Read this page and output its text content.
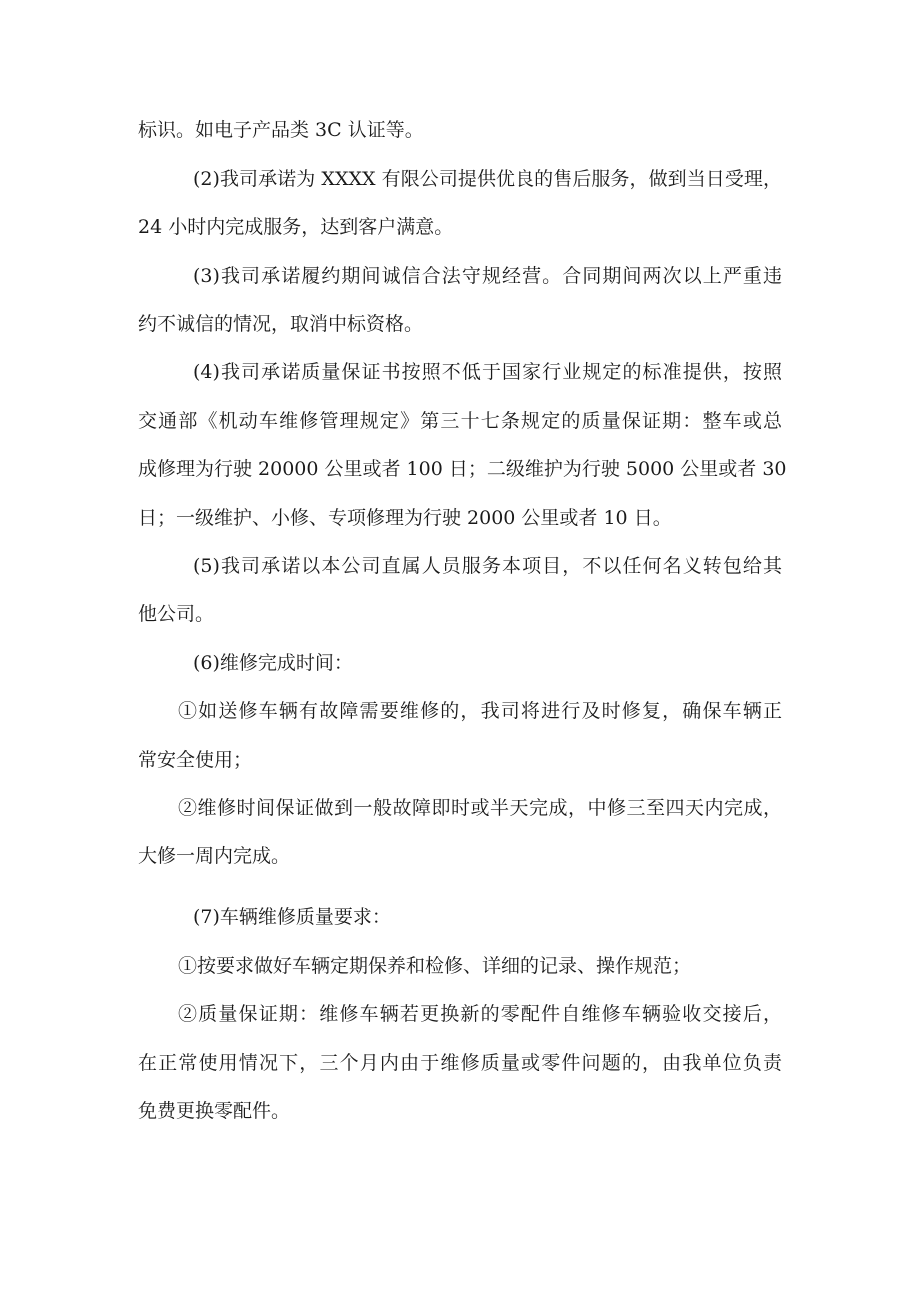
标识。如电子产品类 3C 认证等。
(2)我司承诺为 XXXX 有限公司提供优良的售后服务，做到当日受理，
24 小时内完成服务，达到客户满意。
(3)我司承诺履约期间诚信合法守规经营。合同期间两次以上严重违
约不诚信的情况，取消中标资格。
(4)我司承诺质量保证书按照不低于国家行业规定的标准提供，按照
交通部《机动车维修管理规定》第三十七条规定的质量保证期：整车或总
成修理为行驶 20000 公里或者 100 日；二级维护为行驶 5000 公里或者 30
日；一级维护、小修、专项修理为行驶 2000 公里或者 10 日。
(5)我司承诺以本公司直属人员服务本项目，不以任何名义转包给其
他公司。
(6)维修完成时间：
①如送修车辆有故障需要维修的，我司将进行及时修复，确保车辆正
常安全使用；
②维修时间保证做到一般故障即时或半天完成，中修三至四天内完成，
大修一周内完成。
(7)车辆维修质量要求：
①按要求做好车辆定期保养和检修、详细的记录、操作规范；
②质量保证期：维修车辆若更换新的零配件自维修车辆验收交接后，
在正常使用情况下，三个月内由于维修质量或零件问题的，由我单位负责
免费更换零配件。
